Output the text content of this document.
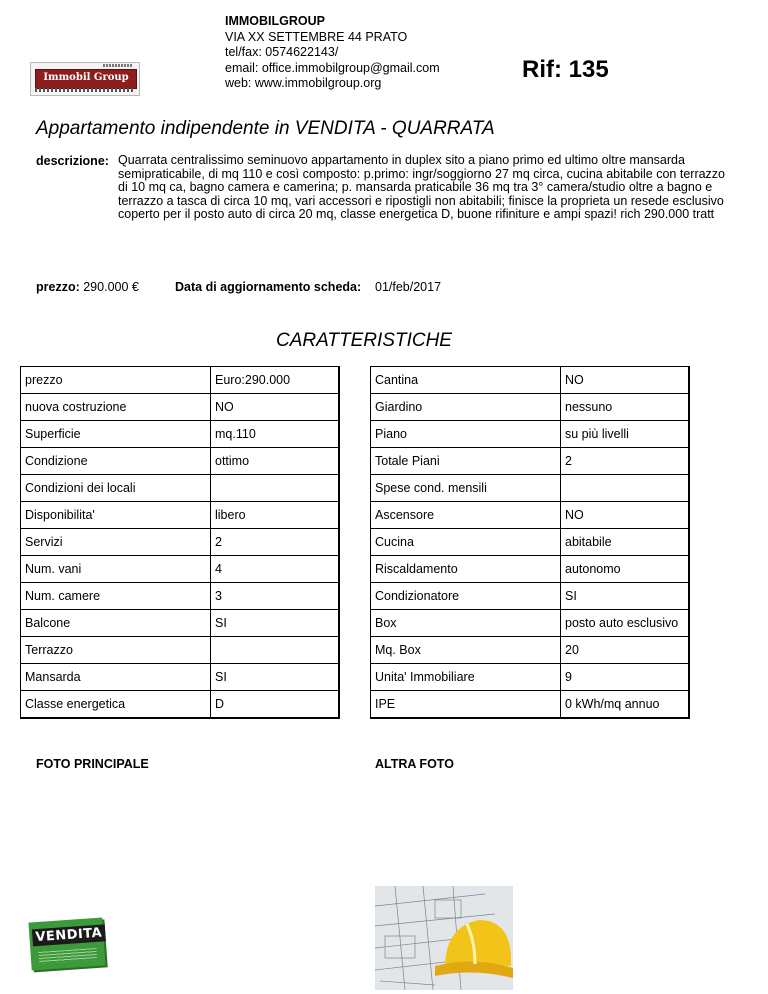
Immobil Group
IMMOBILGROUP
VIA XX SETTEMBRE 44 PRATO
tel/fax: 0574622143/
email: office.immobilgroup@gmail.com
web: www.immobilgroup.org	Rif: 135
Appartamento indipendente in VENDITA - QUARRATA
descrizione: Quarrata centralissimo seminuovo appartamento in duplex sito a piano primo ed ultimo oltre mansarda semipraticabile, di mq 110 e così composto: p.primo: ingr/soggiorno 27 mq circa, cucina abitabile con terrazzo di 10 mq ca, bagno camera e camerina; p. mansarda praticabile 36 mq tra 3° camera/studio oltre a bagno e terrazzo a tasca di circa 10 mq, vari accessori e ripostigli non abitabili; finisce la proprieta un resede esclusivo coperto per il posto auto di circa 20 mq, classe energetica D, buone rifiniture e ampi spazi! rich 290.000 tratt
prezzo: 290.000 €	Data di aggiornamento scheda: 01/feb/2017
CARATTERISTICHE
prezzo	Euro:290.000
nuova costruzione	NO
Superficie	mq.110
Condizione	ottimo
Condizioni dei locali	
Disponibilita'	libero
Servizi	2
Num. vani	4
Num. camere	3
Balcone	SI
Terrazzo	
Mansarda	SI
Classe energetica	D
Cantina	NO
Giardino	nessuno
Piano	su più livelli
Totale Piani	2
Spese cond. mensili	
Ascensore	NO
Cucina	abitabile
Riscaldamento	autonomo
Condizionatore	SI
Box	posto auto esclusivo
Mq. Box	20
Unita' Immobiliare	9
IPE	0 kWh/mq annuo
FOTO PRINCIPALE	ALTRA FOTO
VENDITA
